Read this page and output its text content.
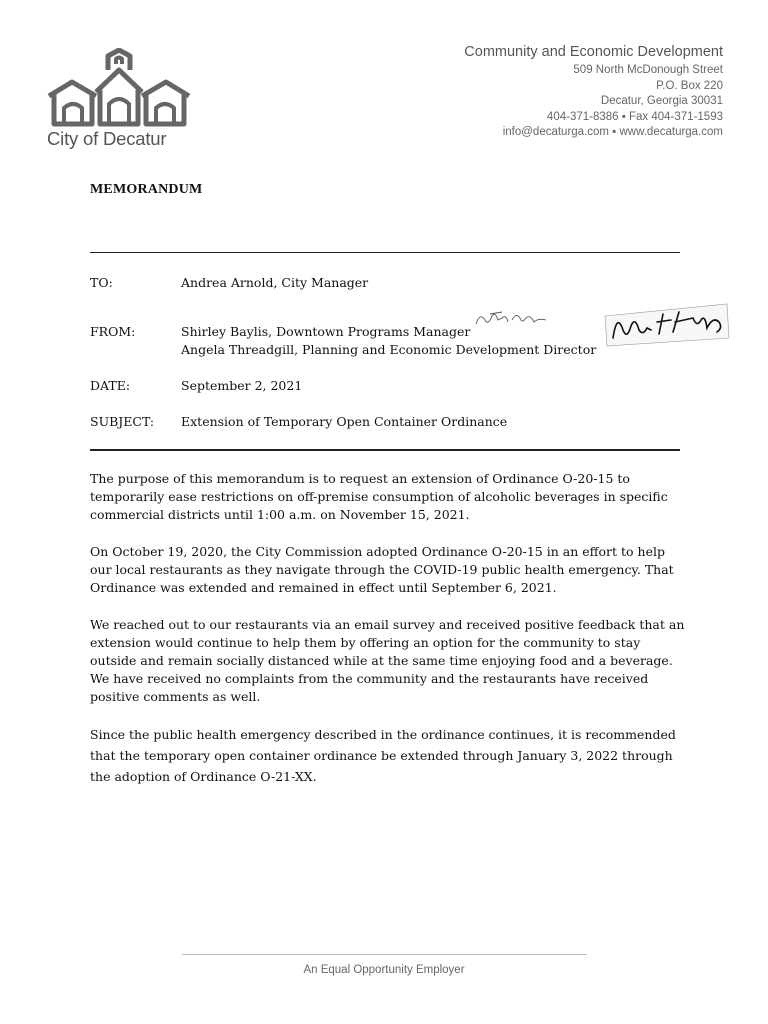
City of Decatur
Community and Economic Development
509 North McDonough Street
P.O. Box 220
Decatur, Georgia 30031
404-371-8386 ▪ Fax 404-371-1593
info@decaturga.com ▪ www.decaturga.com
MEMORANDUM
TO:	Andrea Arnold, City Manager
FROM:	Shirley Baylis, Downtown Programs Manager
Angela Threadgill, Planning and Economic Development Director
DATE:	September 2, 2021
SUBJECT: Extension of Temporary Open Container Ordinance

The purpose of this memorandum is to request an extension of Ordinance O-20-15 to temporarily ease restrictions on off-premise consumption of alcoholic beverages in specific commercial districts until 1:00 a.m. on November 15, 2021.

On October 19, 2020, the City Commission adopted Ordinance O-20-15 in an effort to help our local restaurants as they navigate through the COVID-19 public health emergency. That Ordinance was extended and remained in effect until September 6, 2021.

We reached out to our restaurants via an email survey and received positive feedback that an extension would continue to help them by offering an option for the community to stay outside and remain socially distanced while at the same time enjoying food and a beverage. We have received no complaints from the community and the restaurants have received positive comments as well.

Since the public health emergency described in the ordinance continues, it is recommended that the temporary open container ordinance be extended through January 3, 2022 through the adoption of Ordinance O-21-XX.

An Equal Opportunity Employer
